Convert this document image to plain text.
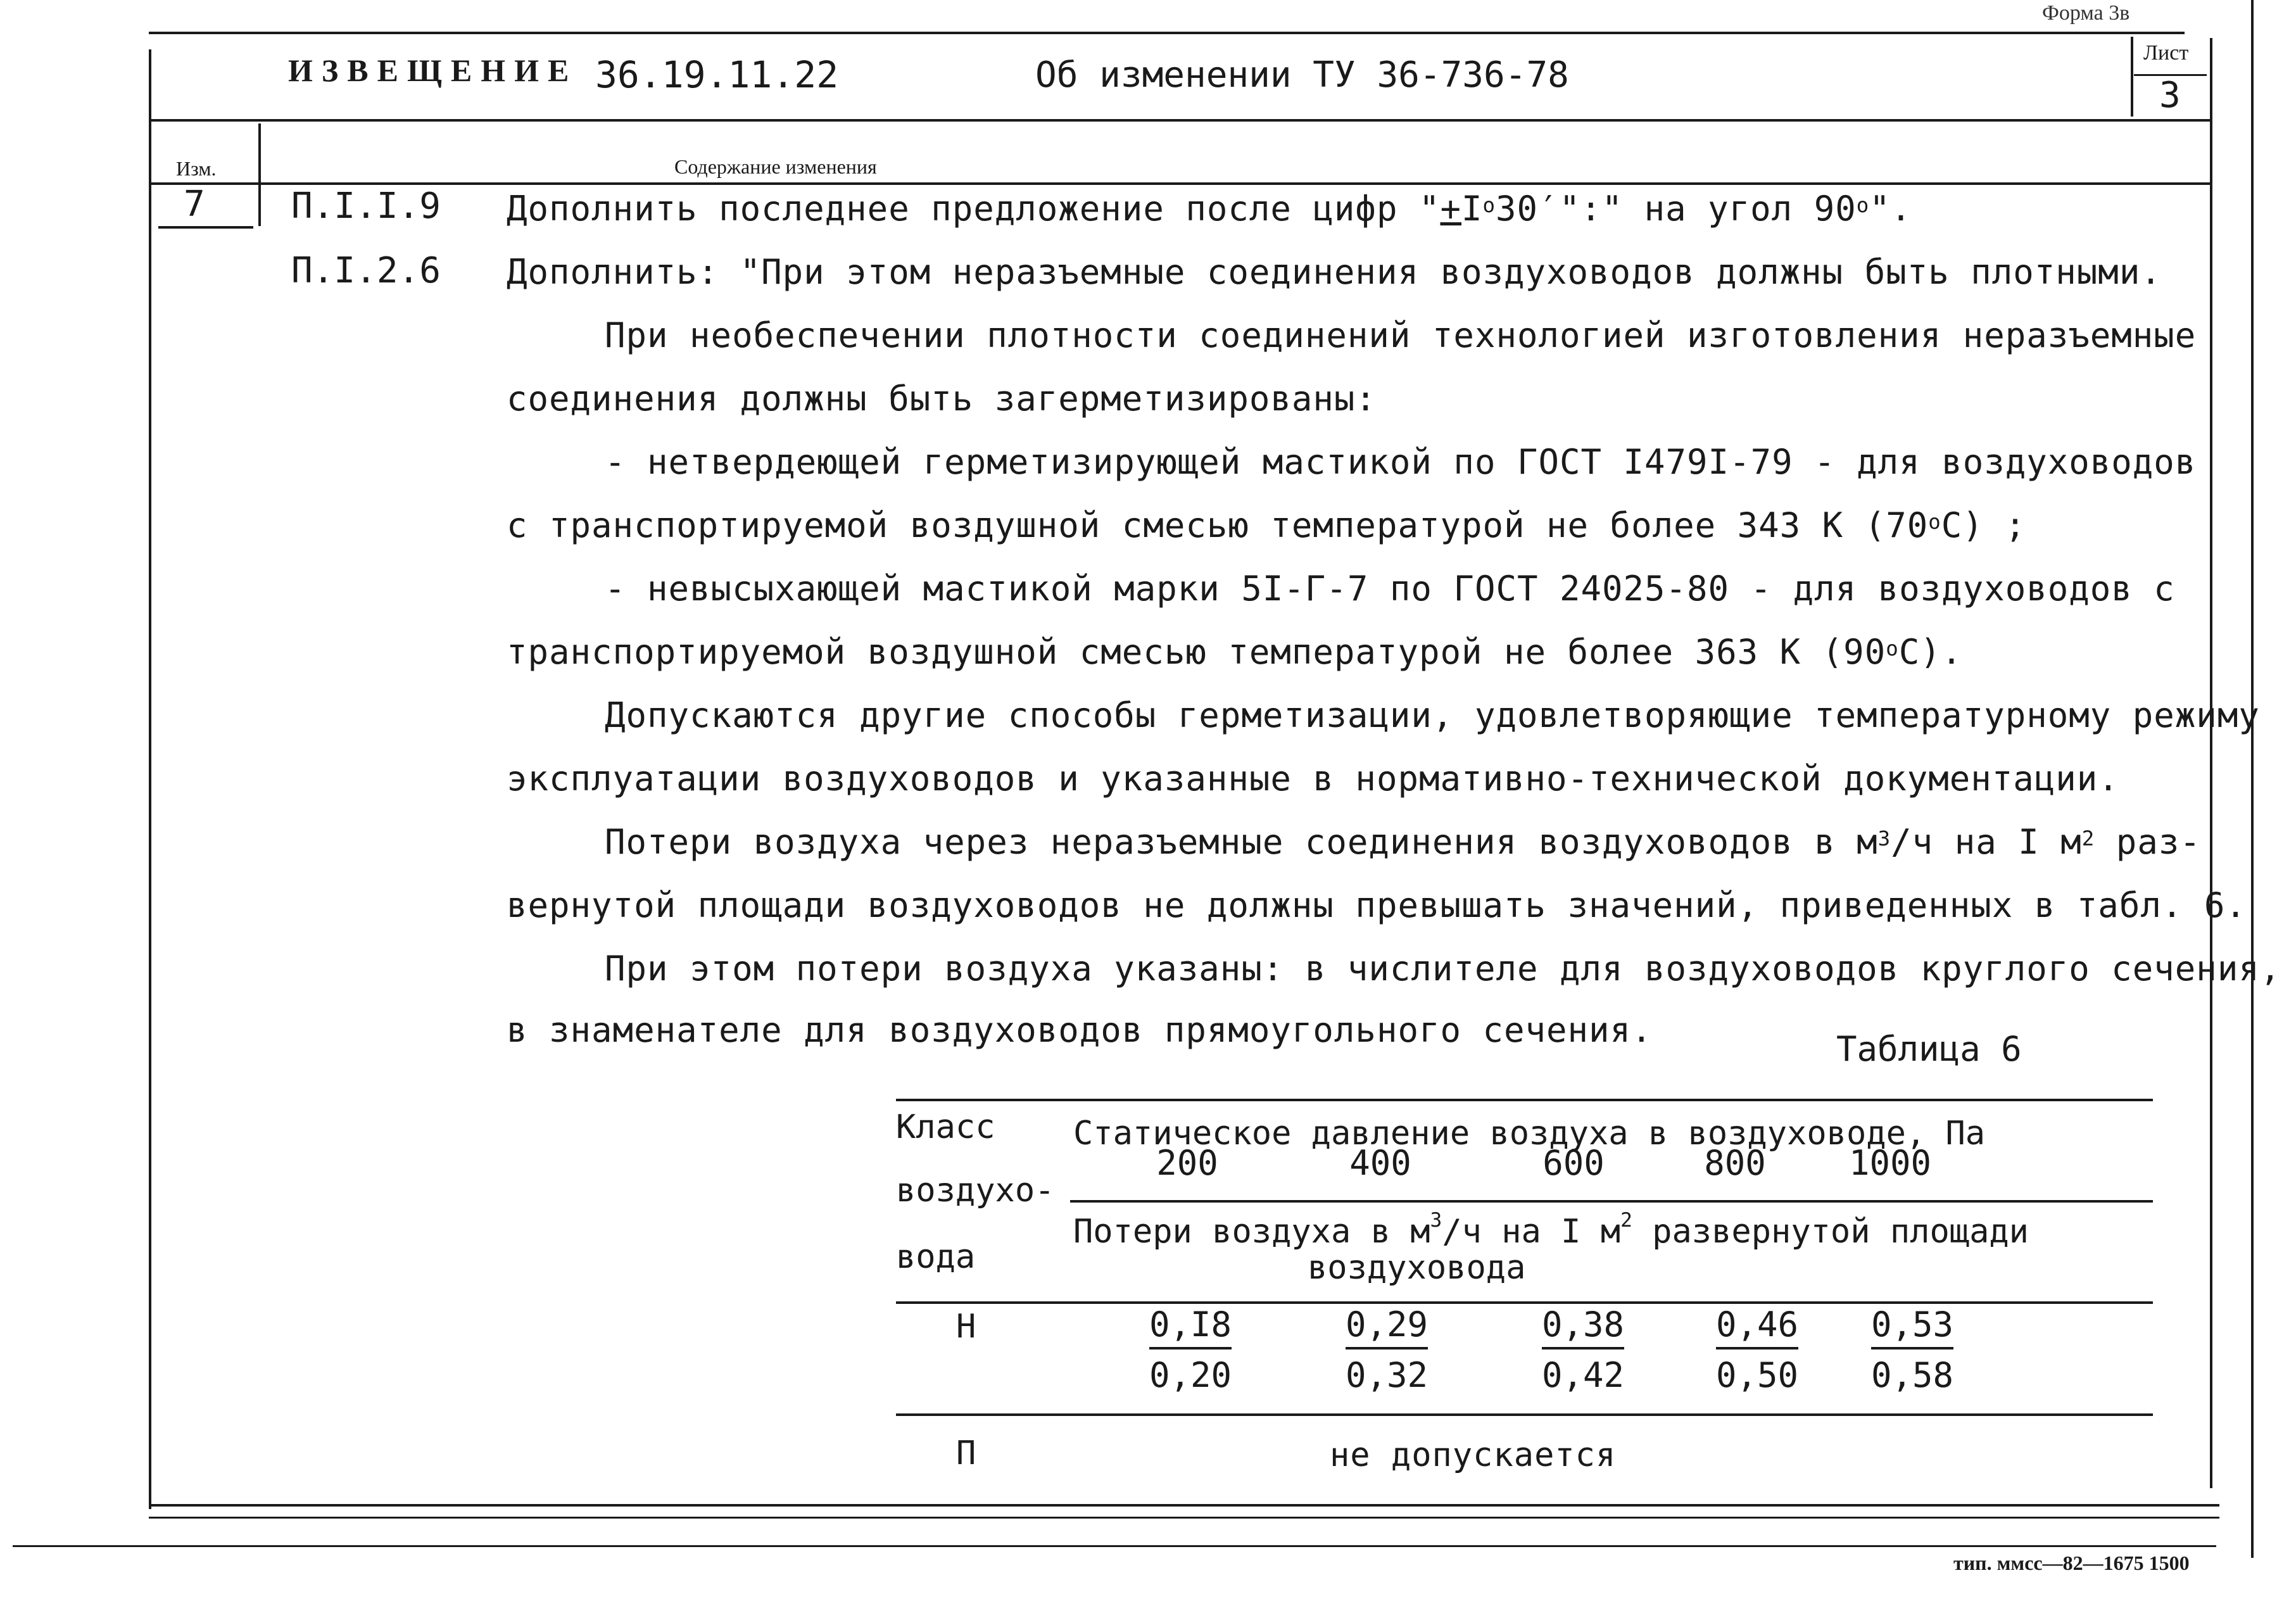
Форма 3в
ИЗВЕЩЕНИЕ 36.19.11.22	Об изменении ТУ 36-736-78
Лист
3
Изм.	Содержание изменения
7 П.I.I.9
П.I.2.6
Дополнить последнее предложение после цифр "$+I^о30'$":" на угол $90^о$".
Дополнить: "При этом неразъемные соединения воздуховодов должны быть плотными.
При необеспечении плотности соединений технологией изготовления неразъемные
соединения должны быть загерметизированы:
- нетвердеющей герметизирующей мастикой по ГОСТ I479I-79 - для воздуховодов
с транспортируемой воздушной смесью температурой не более 343 К $(70^оС)$ ;
- невысыхающей мастикой марки 5I-Г-7 по ГОСТ 24025-80 - для воздуховодов с
транспортируемой воздушной смесью температурой не более 363 К $(90^оС)$.
Допускаются другие способы герметизации, удовлетворяющие температурному режиму
эксплуатации воздуховодов и указанные в нормативно-технической документации.
Потери воздуха через неразъемные соединения воздуховодов в $м^3/ч$ на I $м^2$ раз-
вернутой площади воздуховодов не должны превышать значений, приведенных в табл. 6.
При этом потери воздуха указаны: в числителе для воздуховодов круглого сечения,
в знаменателе для воздуховодов прямоугольного сечения.	Таблица 6
Класс
воздухо-
вода
Статическое давление воздуха в воздуховоде, Па
200	400	600	800	1000
Потери воздуха в $м^3/ч$ на I $м^2$ развернутой площади
воздуховода
Н	0,I8	0,29	0,38	0,46 0,53
0,20	0,32	0,42	0,50 0,58
П	не допускается
тип. ммсс—82—1675 1500
